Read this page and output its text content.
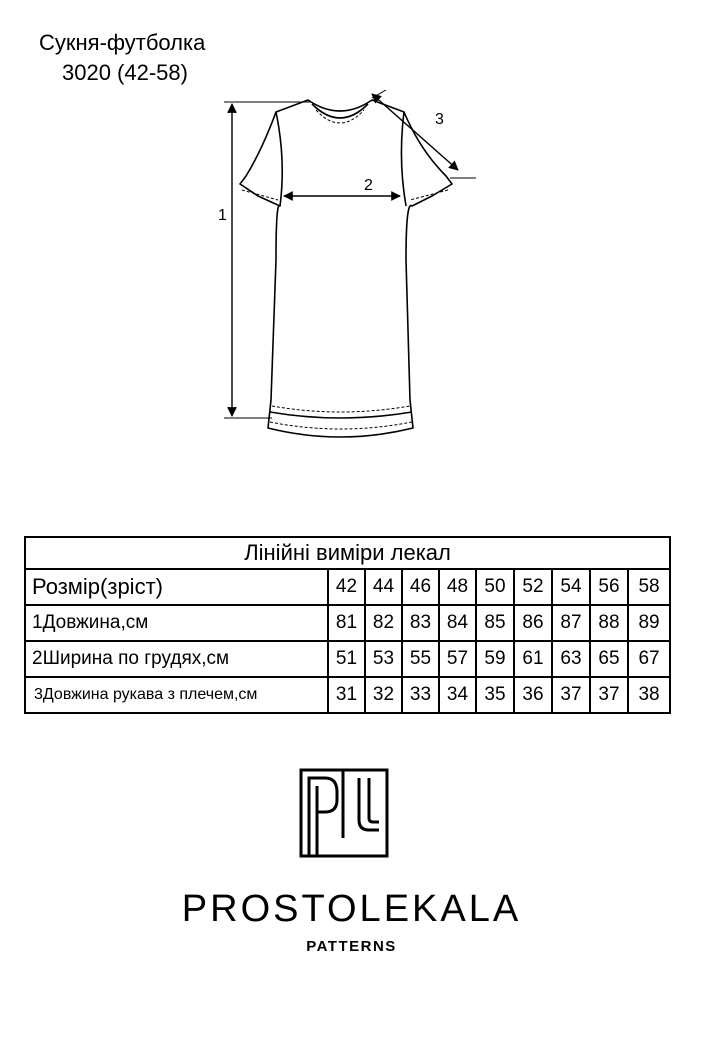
Сукня-футболка
3020 (42-58)
1
2
3
Лінійні виміри лекал									
Розмір(зріст)	42	44	46	48	50	52	54	56	58
1Довжина,см	81	82	83	84	85	86	87	88	89
2Ширина по грудях,см	51	53	55	57	59	61	63	65	67
3Довжина рукава з плечем,см	31	32	33	34	35	36	37	37	38
PROSTOLEKALA
PATTERNS
